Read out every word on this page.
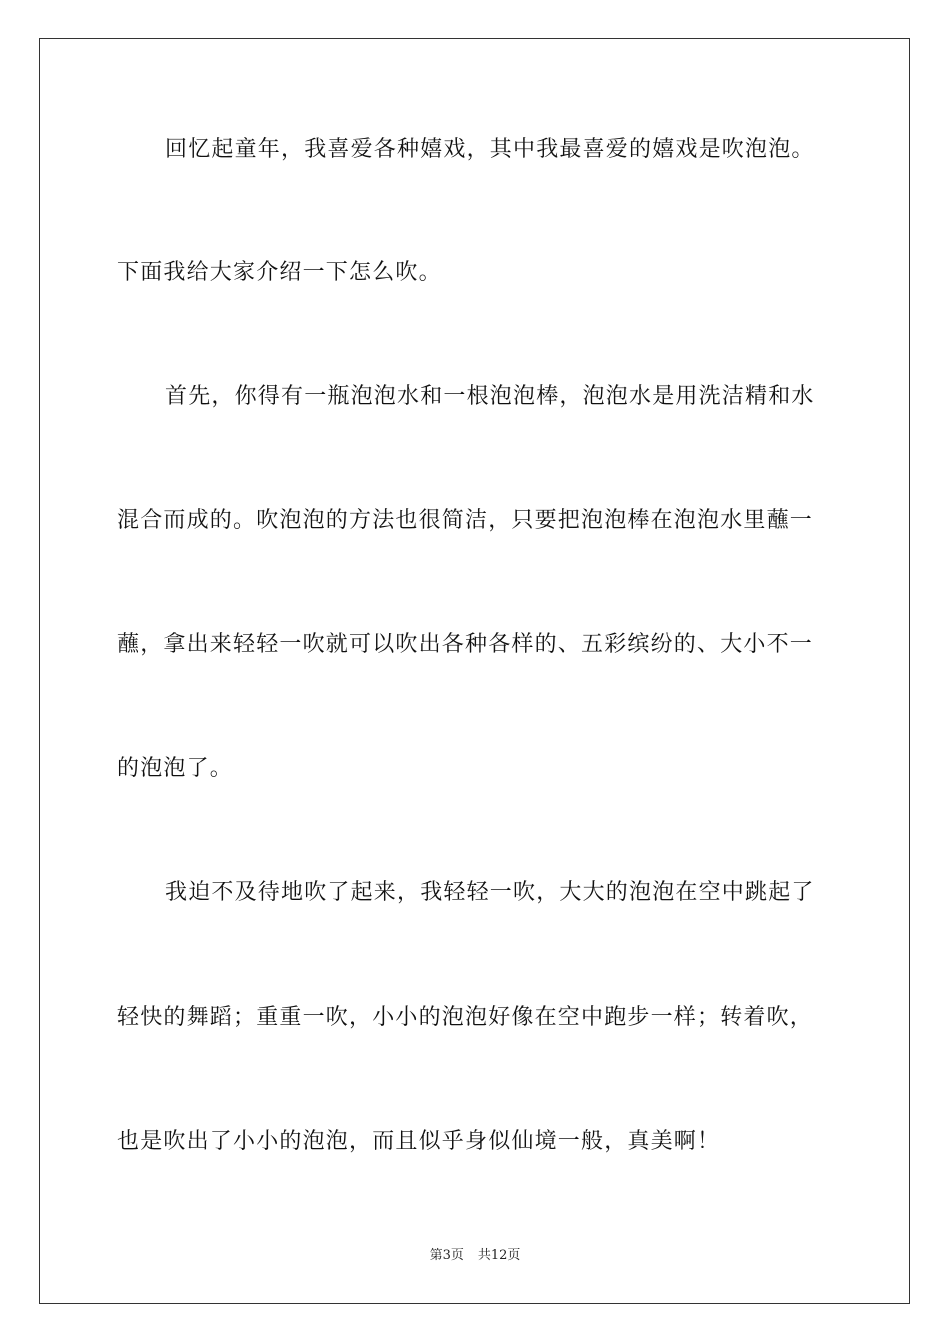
回忆起童年，我喜爱各种嬉戏，其中我最喜爱的嬉戏是吹泡泡。
下面我给大家介绍一下怎么吹。
首先，你得有一瓶泡泡水和一根泡泡棒，泡泡水是用洗洁精和水
混合而成的。吹泡泡的方法也很简洁，只要把泡泡棒在泡泡水里蘸一
蘸，拿出来轻轻一吹就可以吹出各种各样的、五彩缤纷的、大小不一
的泡泡了。
我迫不及待地吹了起来，我轻轻一吹，大大的泡泡在空中跳起了
轻快的舞蹈；重重一吹，小小的泡泡好像在空中跑步一样；转着吹，
也是吹出了小小的泡泡，而且似乎身似仙境一般，真美啊！
第3页 共12页
